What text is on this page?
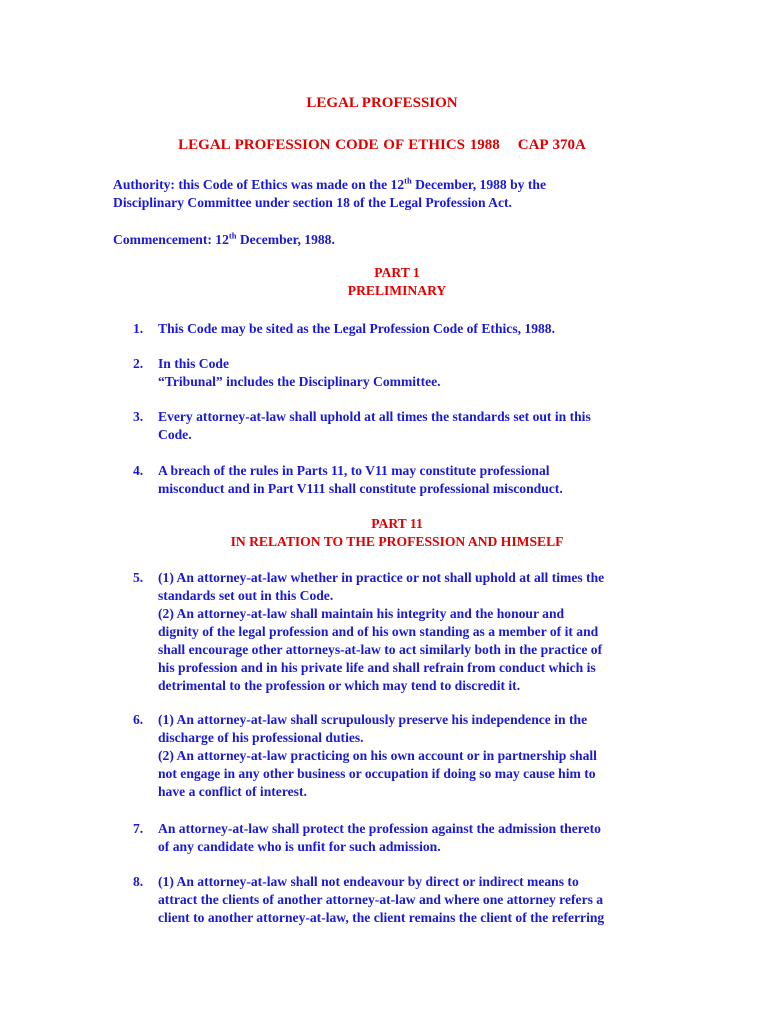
LEGAL PROFESSION
LEGAL PROFESSION CODE OF ETHICS 1988 CAP 370A
Authority: this Code of Ethics was made on the 12th December, 1988 by the
Disciplinary Committee under section 18 of the Legal Profession Act.
Commencement: 12th December, 1988.
PART 1
PRELIMINARY
1.	This Code may be sited as the Legal Profession Code of Ethics, 1988.
2.	In this Code
“Tribunal” includes the Disciplinary Committee.
3.	Every attorney-at-law shall uphold at all times the standards set out in this
Code.
4.	A breach of the rules in Parts 11, to V11 may constitute professional
misconduct and in Part V111 shall constitute professional misconduct.
PART 11
IN RELATION TO THE PROFESSION AND HIMSELF
5.	(1) An attorney-at-law whether in practice or not shall uphold at all times the
standards set out in this Code.
(2) An attorney-at-law shall maintain his integrity and the honour and
dignity of the legal profession and of his own standing as a member of it and
shall encourage other attorneys-at-law to act similarly both in the practice of
his profession and in his private life and shall refrain from conduct which is
detrimental to the profession or which may tend to discredit it.
6.	(1) An attorney-at-law shall scrupulously preserve his independence in the
discharge of his professional duties.
(2) An attorney-at-law practicing on his own account or in partnership shall
not engage in any other business or occupation if doing so may cause him to
have a conflict of interest.
7.	An attorney-at-law shall protect the profession against the admission thereto
of any candidate who is unfit for such admission.
8.	(1) An attorney-at-law shall not endeavour by direct or indirect means to
attract the clients of another attorney-at-law and where one attorney refers a
client to another attorney-at-law, the client remains the client of the referring
